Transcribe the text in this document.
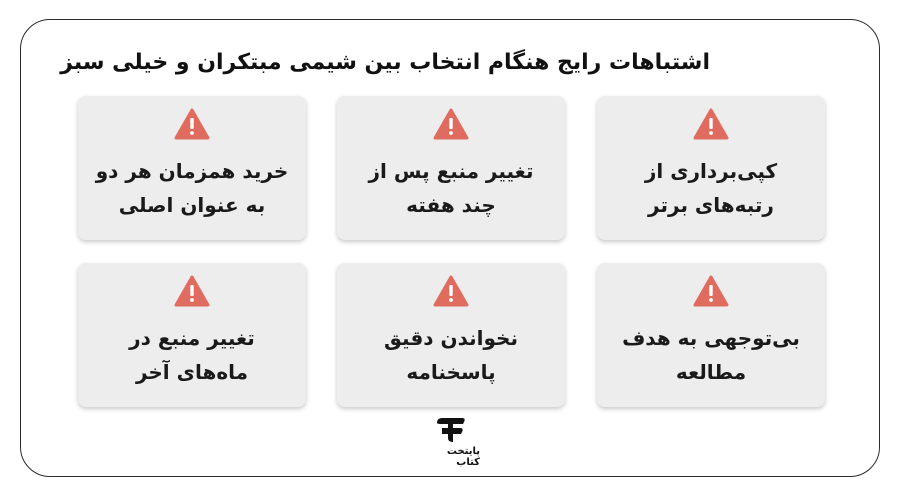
اشتباهات رایج هنگام انتخاب بین شیمی مبتکران و خیلی سبز
کپی‌برداری از
رتبه‌های برتر
تغییر منبع پس از
چند هفته
خرید همزمان هر دو
به عنوان اصلی
بی‌توجهی به هدف
مطالعه
نخواندن دقیق
پاسخنامه
تغییر منبع در
ماه‌های آخر
پایتخت کتاب
